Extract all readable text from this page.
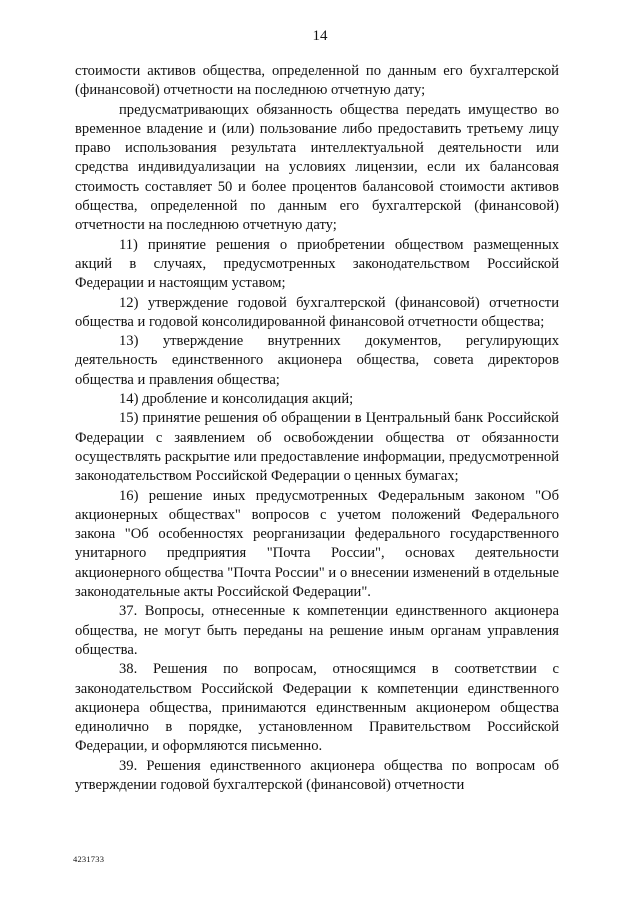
14

стоимости активов общества, определенной по данным его бухгалтерской (финансовой) отчетности на последнюю отчетную дату;

предусматривающих обязанность общества передать имущество во временное владение и (или) пользование либо предоставить третьему лицу право использования результата интеллектуальной деятельности или средства индивидуализации на условиях лицензии, если их балансовая стоимость составляет 50 и более процентов балансовой стоимости активов общества, определенной по данным его бухгалтерской (финансовой) отчетности на последнюю отчетную дату;

11) принятие решения о приобретении обществом размещенных акций в случаях, предусмотренных законодательством Российской Федерации и настоящим уставом;

12) утверждение годовой бухгалтерской (финансовой) отчетности общества и годовой консолидированной финансовой отчетности общества;

13) утверждение внутренних документов, регулирующих деятельность единственного акционера общества, совета директоров общества и правления общества;

14) дробление и консолидация акций;

15) принятие решения об обращении в Центральный банк Российской Федерации с заявлением об освобождении общества от обязанности осуществлять раскрытие или предоставление информации, предусмотренной законодательством Российской Федерации о ценных бумагах;

16) решение иных предусмотренных Федеральным законом "Об акционерных обществах" вопросов с учетом положений Федерального закона "Об особенностях реорганизации федерального государственного унитарного предприятия "Почта России", основах деятельности акционерного общества "Почта России" и о внесении изменений в отдельные законодательные акты Российской Федерации".

37. Вопросы, отнесенные к компетенции единственного акционера общества, не могут быть переданы на решение иным органам управления общества.

38. Решения по вопросам, относящимся в соответствии с законодательством Российской Федерации к компетенции единственного акционера общества, принимаются единственным акционером общества единолично в порядке, установленном Правительством Российской Федерации, и оформляются письменно.

39. Решения единственного акционера общества по вопросам об утверждении годовой бухгалтерской (финансовой) отчетности

4231733
